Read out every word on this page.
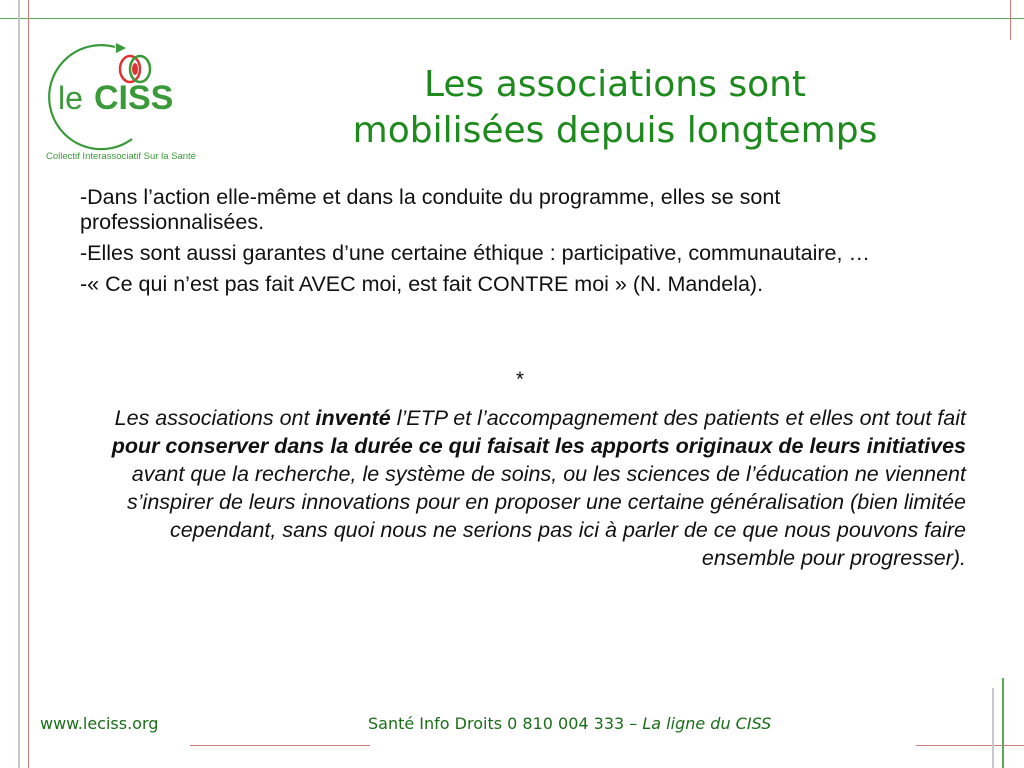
le CISS
Collectif Interassociatif Sur la Santé
Les associations sont
mobilisées depuis longtemps

-Dans l’action elle-même et dans la conduite du programme, elles se sont professionnalisées.

-Elles sont aussi garantes d’une certaine éthique : participative, communautaire, …

-« Ce qui n’est pas fait AVEC moi, est fait CONTRE moi » (N. Mandela).

*
Les associations ont inventé l’ETP et l’accompagnement des patients et elles ont tout fait pour conserver dans la durée ce qui faisait les apports originaux de leurs initiatives avant que la recherche, le système de soins, ou les sciences de l’éducation ne viennent s’inspirer de leurs innovations pour en proposer une certaine généralisation (bien limitée cependant, sans quoi nous ne serions pas ici à parler de ce que nous pouvons faire ensemble pour progresser).
www.leciss.org	Santé Info Droits 0 810 004 333 – La ligne du CISS
